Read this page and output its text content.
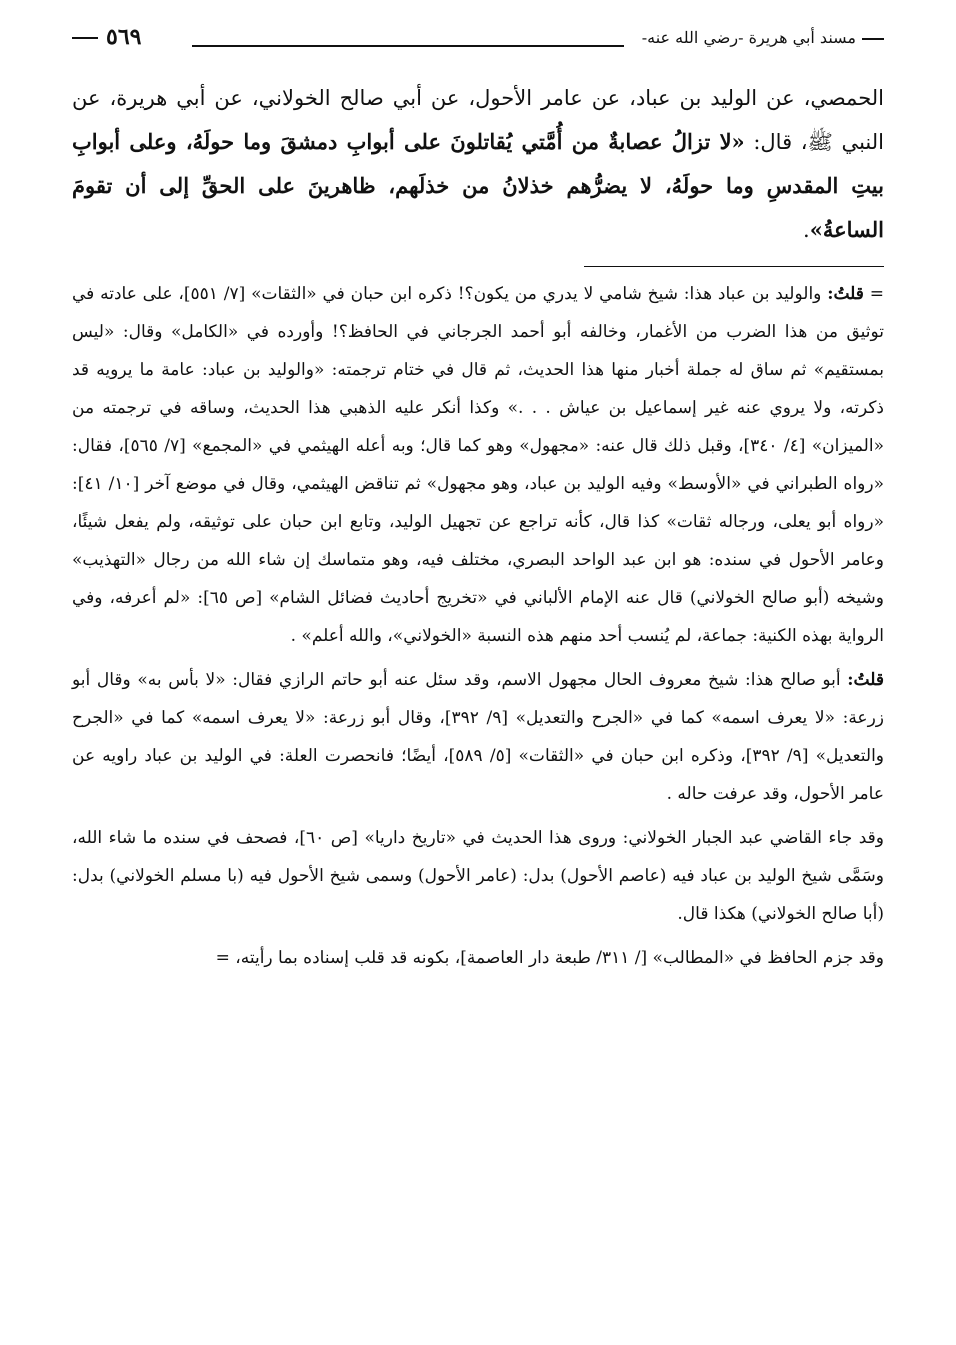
مسند أبي هريرة -رضي الله عنه-
٥٦٩
الحمصي، عن الوليد بن عباد، عن عامر الأحول، عن أبي صالح الخولاني، عن أبي هريرة، عن النبي ﷺ، قال: «لا تزالُ عصابةٌ من أُمَّتي يُقاتلونَ على أبوابِ دمشقَ وما حولَهُ، وعلى أبوابِ بيتِ المقدسِ وما حولَهُ، لا يضرُّهم خذلانُ من خذلَهم، ظاهرينَ على الحقِّ إلى أن تقومَ الساعةُ».

= قلتُ: والوليد بن عباد هذا: شيخ شامي لا يدري من يكون؟! ذكره ابن حبان في «الثقات» [٧/ ٥٥١]، على عادته في توثيق من هذا الضرب من الأغمار، وخالفه أبو أحمد الجرجاني في الحافظ؟! وأورده في «الكامل» وقال: «ليس بمستقيم» ثم ساق له جملة أخبار منها هذا الحديث، ثم قال في ختام ترجمته: «والوليد بن عباد: عامة ما يرويه قد ذكرته، ولا يروي عنه غير إسماعيل بن عياش . . .» وكذا أنكر عليه الذهبي هذا الحديث، وساقه في ترجمته من «الميزان» [٤/ ٣٤٠]، وقبل ذلك قال عنه: «مجهول» وهو كما قال؛ وبه أعله الهيثمي في «المجمع» [٧/ ٥٦٥]، فقال: «رواه الطبراني في «الأوسط» وفيه الوليد بن عباد، وهو مجهول» ثم تناقض الهيثمي، وقال في موضع آخر [١٠/ ٤١]: «رواه أبو يعلى، ورجاله ثقات» كذا قال، كأنه تراجع عن تجهيل الوليد، وتابع ابن حبان على توثيقه، ولم يفعل شيئًا، وعامر الأحول في سنده: هو ابن عبد الواحد البصري، مختلف فيه، وهو متماسك إن شاء الله من رجال «التهذيب» وشيخه (أبو صالح الخولاني) قال عنه الإمام الألباني في «تخريج أحاديث فضائل الشام» [ص ٦٥]: «لم أعرفه، وفي الرواية بهذه الكنية: جماعة، لم يُنسب أحد منهم هذه النسبة «الخولاني»، والله أعلم» .

قلتُ: أبو صالح هذا: شيخ معروف الحال مجهول الاسم، وقد سئل عنه أبو حاتم الرازي فقال: «لا بأس به» وقال أبو زرعة: «لا يعرف اسمه» كما في «الجرح والتعديل» [٩/ ٣٩٢]، وقال أبو زرعة: «لا يعرف اسمه» كما في «الجرح والتعديل» [٩/ ٣٩٢]، وذكره ابن حبان في «الثقات» [٥/ ٥٨٩]، أيضًا؛ فانحصرت العلة: في الوليد بن عباد راويه عن عامر الأحول، وقد عرفت حاله .

وقد جاء القاضي عبد الجبار الخولاني: وروى هذا الحديث في «تاريخ داريا» [ص ٦٠]، فصحف في سنده ما شاء الله، وسَمَّى شيخ الوليد بن عباد فيه (عاصم الأحول) بدل: (عامر الأحول) وسمى شيخ الأحول فيه (با مسلم الخولاني) بدل: (أبا صالح الخولاني) هكذا قال.

وقد جزم الحافظ في «المطالب» [/ ٣١١/ طبعة دار العاصمة]، بكونه قد قلب إسناده بما رأيته، =
